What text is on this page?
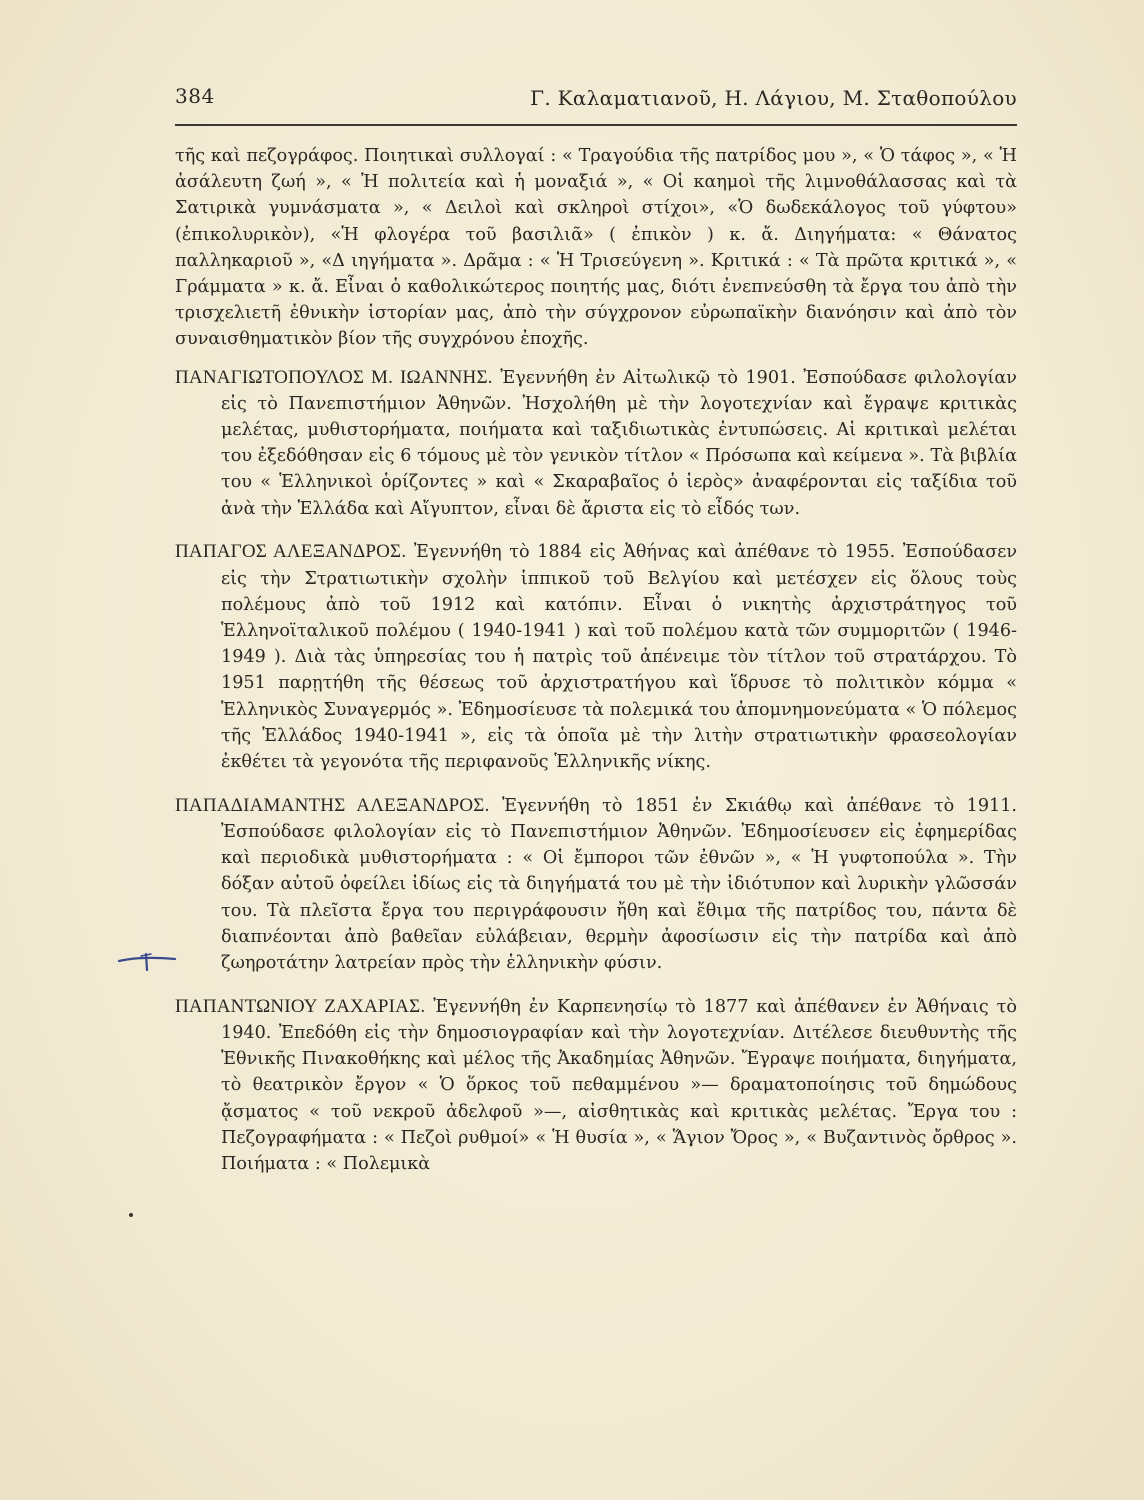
384	Γ. Καλαματιανοῦ, Η. Λάγιου, Μ. Σταθοπούλου

τῆς καὶ πεζογράφος. Ποιητικαὶ συλλογαί : « Τραγούδια τῆς πατρίδος μου », « Ὁ τάφος », « Ἡ ἀσάλευτη ζωή », « Ἡ πολιτεία καὶ ἡ μοναξιά », « Οἱ καημοὶ τῆς λιμνοθάλασσας καὶ τὰ Σατιρικὰ γυμνάσματα », « Δειλοὶ καὶ σκληροὶ στίχοι», «Ὁ δωδεκάλογος τοῦ γύφτου» (ἐπικολυρικὸν), «Ἡ φλογέρα τοῦ βασιλιᾶ» ( ἐπικὸν ) κ. ἄ. Διηγήματα: « Θάνατος παλληκαριοῦ », «Δ ιηγήματα ». Δρᾶμα : « Ἡ Τρισεύγενη ». Κριτικά : « Τὰ πρῶτα κριτικά », « Γράμματα » κ. ἄ. Εἶναι ὁ καθολικώτερος ποιητής μας, διότι ἐνεπνεύσθη τὰ ἔργα του ἀπὸ τὴν τρισχελιετῆ ἐθνικὴν ἱστορίαν μας, ἀπὸ τὴν σύγχρονον εὐρωπαϊκὴν διανόησιν καὶ ἀπὸ τὸν συναισθηματικὸν βίον τῆς συγχρόνου ἐποχῆς.

ΠΑΝΑΓΙΩΤΟΠΟΥΛΟΣ Μ. ΙΩΑΝΝΗΣ. Ἐγεννήθη ἐν Αἰτωλικῷ τὸ 1901. Ἐσπούδασε φιλολογίαν εἰς τὸ Πανεπιστήμιον Ἀθηνῶν. Ἠσχολήθη μὲ τὴν λογοτεχνίαν καὶ ἔγραψε κριτικὰς μελέτας, μυθιστορήματα, ποιήματα καὶ ταξιδιωτικὰς ἐντυπώσεις. Αἱ κριτικαὶ μελέται του ἐξεδόθησαν εἰς 6 τόμους μὲ τὸν γενικὸν τίτλον « Πρόσωπα καὶ κείμενα ». Τὰ βιβλία του « Ἑλληνικοὶ ὁρίζοντες » καὶ « Σκαραβαῖος ὁ ἱερὸς» ἀναφέρονται εἰς ταξίδια τοῦ ἀνὰ τὴν Ἑλλάδα καὶ Αἴγυπτον, εἶναι δὲ ἄριστα εἰς τὸ εἶδός των.

ΠΑΠΑΓΟΣ ΑΛΕΞΑΝΔΡΟΣ. Ἐγεννήθη τὸ 1884 εἰς Ἀθήνας καὶ ἀπέθανε τὸ 1955. Ἐσπούδασεν εἰς τὴν Στρατιωτικὴν σχολὴν ἱππικοῦ τοῦ Βελγίου καὶ μετέσχεν εἰς ὅλους τοὺς πολέμους ἀπὸ τοῦ 1912 καὶ κατόπιν. Εἶναι ὁ νικητὴς ἀρχιστράτηγος τοῦ Ἑλληνοϊταλικοῦ πολέμου ( 1940-1941 ) καὶ τοῦ πολέμου κατὰ τῶν συμμοριτῶν ( 1946-1949 ). Διὰ τὰς ὑπηρεσίας του ἡ πατρὶς τοῦ ἀπένειμε τὸν τίτλον τοῦ στρατάρχου. Τὸ 1951 παρῃτήθη τῆς θέσεως τοῦ ἀρχιστρατήγου καὶ ἵδρυσε τὸ πολιτικὸν κόμμα « Ἑλληνικὸς Συναγερμός ». Ἐδημοσίευσε τὰ πολεμικά του ἀπομνημονεύματα « Ὁ πόλεμος τῆς Ἑλλάδος 1940-1941 », εἰς τὰ ὁποῖα μὲ τὴν λιτὴν στρατιωτικὴν φρασεολογίαν ἐκθέτει τὰ γεγονότα τῆς περιφανοῦς Ἑλληνικῆς νίκης.

ΠΑΠΑΔΙΑΜΑΝΤΗΣ ΑΛΕΞΑΝΔΡΟΣ. Ἐγεννήθη τὸ 1851 ἐν Σκιάθῳ καὶ ἀπέθανε τὸ 1911. Ἐσπούδασε φιλολογίαν εἰς τὸ Πανεπιστήμιον Ἀθηνῶν. Ἐδημοσίευσεν εἰς ἐφημερίδας καὶ περιοδικὰ μυθιστορήματα : « Οἱ ἔμποροι τῶν ἐθνῶν », « Ἡ γυφτοπούλα ». Τὴν δόξαν αὐτοῦ ὀφείλει ἰδίως εἰς τὰ διηγήματά του μὲ τὴν ἰδιότυπον καὶ λυρικὴν γλῶσσάν του. Τὰ πλεῖστα ἔργα του περιγράφουσιν ἤθη καὶ ἔθιμα τῆς πατρίδος του, πάντα δὲ διαπνέονται ἀπὸ βαθεῖαν εὐλάβειαν, θερμὴν ἀφοσίωσιν εἰς τὴν πατρίδα καὶ ἀπὸ ζωηροτάτην λατρείαν πρὸς τὴν ἑλληνικὴν φύσιν.

ΠΑΠΑΝΤΩΝΙΟΥ ΖΑΧΑΡΙΑΣ. Ἐγεννήθη ἐν Καρπενησίῳ τὸ 1877 καὶ ἀπέθανεν ἐν Ἀθήναις τὸ 1940. Ἐπεδόθη εἰς τὴν δημοσιογραφίαν καὶ τὴν λογοτεχνίαν. Διτέλεσε διευθυντὴς τῆς Ἐθνικῆς Πινακοθήκης καὶ μέλος τῆς Ἀκαδημίας Ἀθηνῶν. Ἔγραψε ποιήματα, διηγήματα, τὸ θεατρικὸν ἔργον « Ὁ ὅρκος τοῦ πεθαμμένου »— δραματοποίησις τοῦ δημώδους ᾄσματος « τοῦ νεκροῦ ἀδελφοῦ »—, αἰσθητικὰς καὶ κριτικὰς μελέτας. Ἔργα του : Πεζογραφήματα : « Πεζοὶ ρυθμοί» « Ἡ θυσία », « Ἅγιον Ὄρος », « Βυζαντινὸς ὄρθρος ». Ποιήματα : « Πολεμικὰ
